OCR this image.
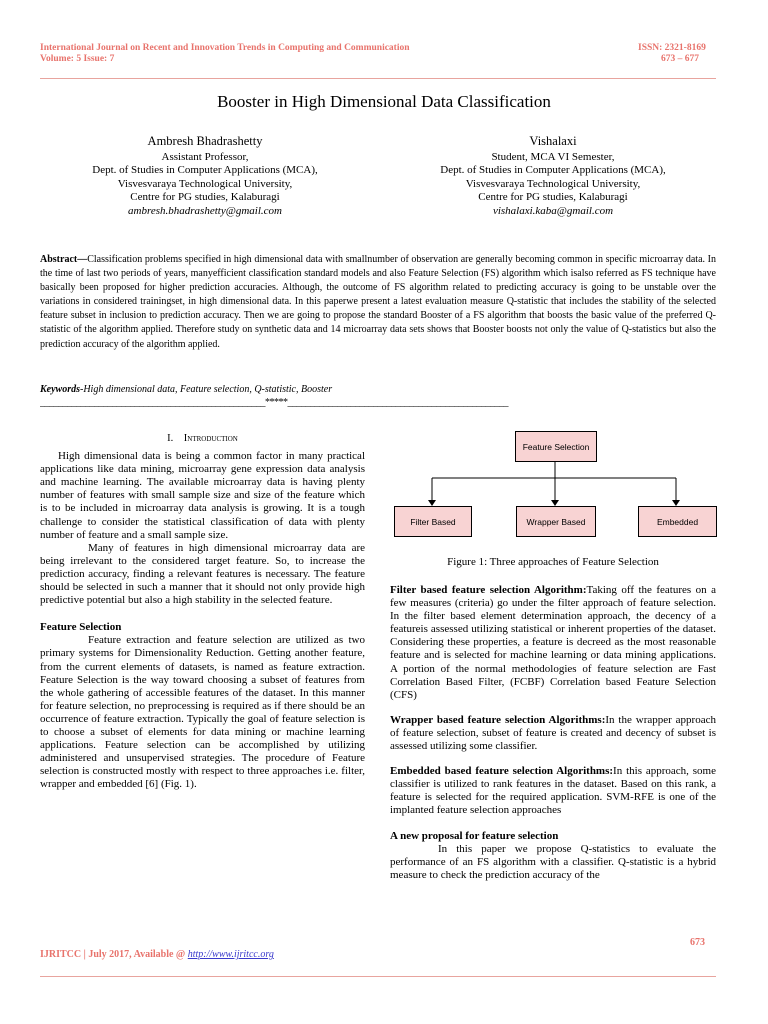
International Journal on Recent and Innovation Trends in Computing and Communication
Volume: 5 Issue: 7
ISSN: 2321-8169
673 – 677
Booster in High Dimensional Data Classification
Ambresh Bhadrashetty
Assistant Professor,
Dept. of Studies in Computer Applications (MCA),
Visvesvaraya Technological University,
Centre for PG studies, Kalaburagi
ambresh.bhadrashetty@gmail.com
Vishalaxi
Student, MCA VI Semester,
Dept. of Studies in Computer Applications (MCA),
Visvesvaraya Technological University,
Centre for PG studies, Kalaburagi
vishalaxi.kaba@gmail.com
Abstract—Classification problems specified in high dimensional data with smallnumber of observation are generally becoming common in specific microarray data. In the time of last two periods of years, manyefficient classification standard models and also Feature Selection (FS) algorithm which isalso referred as FS technique have basically been proposed for higher prediction accuracies. Although, the outcome of FS algorithm related to predicting accuracy is going to be unstable over the variations in considered trainingset, in high dimensional data. In this paperwe present a latest evaluation measure Q-statistic that includes the stability of the selected feature subset in inclusion to prediction accuracy. Then we are going to propose the standard Booster of a FS algorithm that boosts the basic value of the preferred Q-statistic of the algorithm applied. Therefore study on synthetic data and 14 microarray data sets shows that Booster boosts not only the value of Q-statistics but also the prediction accuracy of the algorithm applied.
Keywords-High dimensional data, Feature selection, Q-statistic, Booster
__________________________________________________*****_________________________________________________
I. Introduction

High dimensional data is being a common factor in many practical applications like data mining, microarray gene expression data analysis and machine learning. The available microarray data is having plenty number of features with small sample size and size of the feature which is to be included in microarray data analysis is growing. It is a tough challenge to consider the statistical classification of data with plenty number of feature and a small sample size.

Many of features in high dimensional microarray data are being irrelevant to the considered target feature. So, to increase the prediction accuracy, finding a relevant features is necessary. The feature should be selected in such a manner that it should not only provide high predictive potential but also a high stability in the selected feature.

Feature Selection

Feature extraction and feature selection are utilized as two primary systems for Dimensionality Reduction. Getting another feature, from the current elements of datasets, is named as feature extraction. Feature Selection is the way toward choosing a subset of features from the whole gathering of accessible features of the dataset. In this manner for feature selection, no preprocessing is required as if there should be an occurrence of feature extraction. Typically the goal of feature selection is to choose a subset of elements for data mining or machine learning applications. Feature selection can be accomplished by utilizing administered and unsupervised strategies. The procedure of Feature selection is constructed mostly with respect to three approaches i.e. filter, wrapper and embedded [6] (Fig. 1).

Feature Selection
Filter Based	Wrapper Based	Embedded
Figure 1: Three approaches of Feature Selection

Filter based feature selection Algorithm:Taking off the features on a few measures (criteria) go under the filter approach of feature selection. In the filter based element determination approach, the decency of a featureis assessed utilizing statistical or inherent properties of the dataset. Considering these properties, a feature is decreed as the most reasonable feature and is selected for machine learning or data mining applications. A portion of the normal methodologies of feature selection are Fast Correlation Based Filter, (FCBF) Correlation based Feature Selection (CFS)

Wrapper based feature selection Algorithms:In the wrapper approach of feature selection, subset of feature is created and decency of subset is assessed utilizing some classifier.

Embedded based feature selection Algorithms:In this approach, some classifier is utilized to rank features in the dataset. Based on this rank, a feature is selected for the required application. SVM-RFE is one of the implanted feature selection approaches

A new proposal for feature selection

In this paper we propose Q-statistics to evaluate the performance of an FS algorithm with a classifier. Q-statistic is a hybrid measure to check the prediction accuracy of the

673
IJRITCC | July 2017, Available @ http://www.ijritcc.org
